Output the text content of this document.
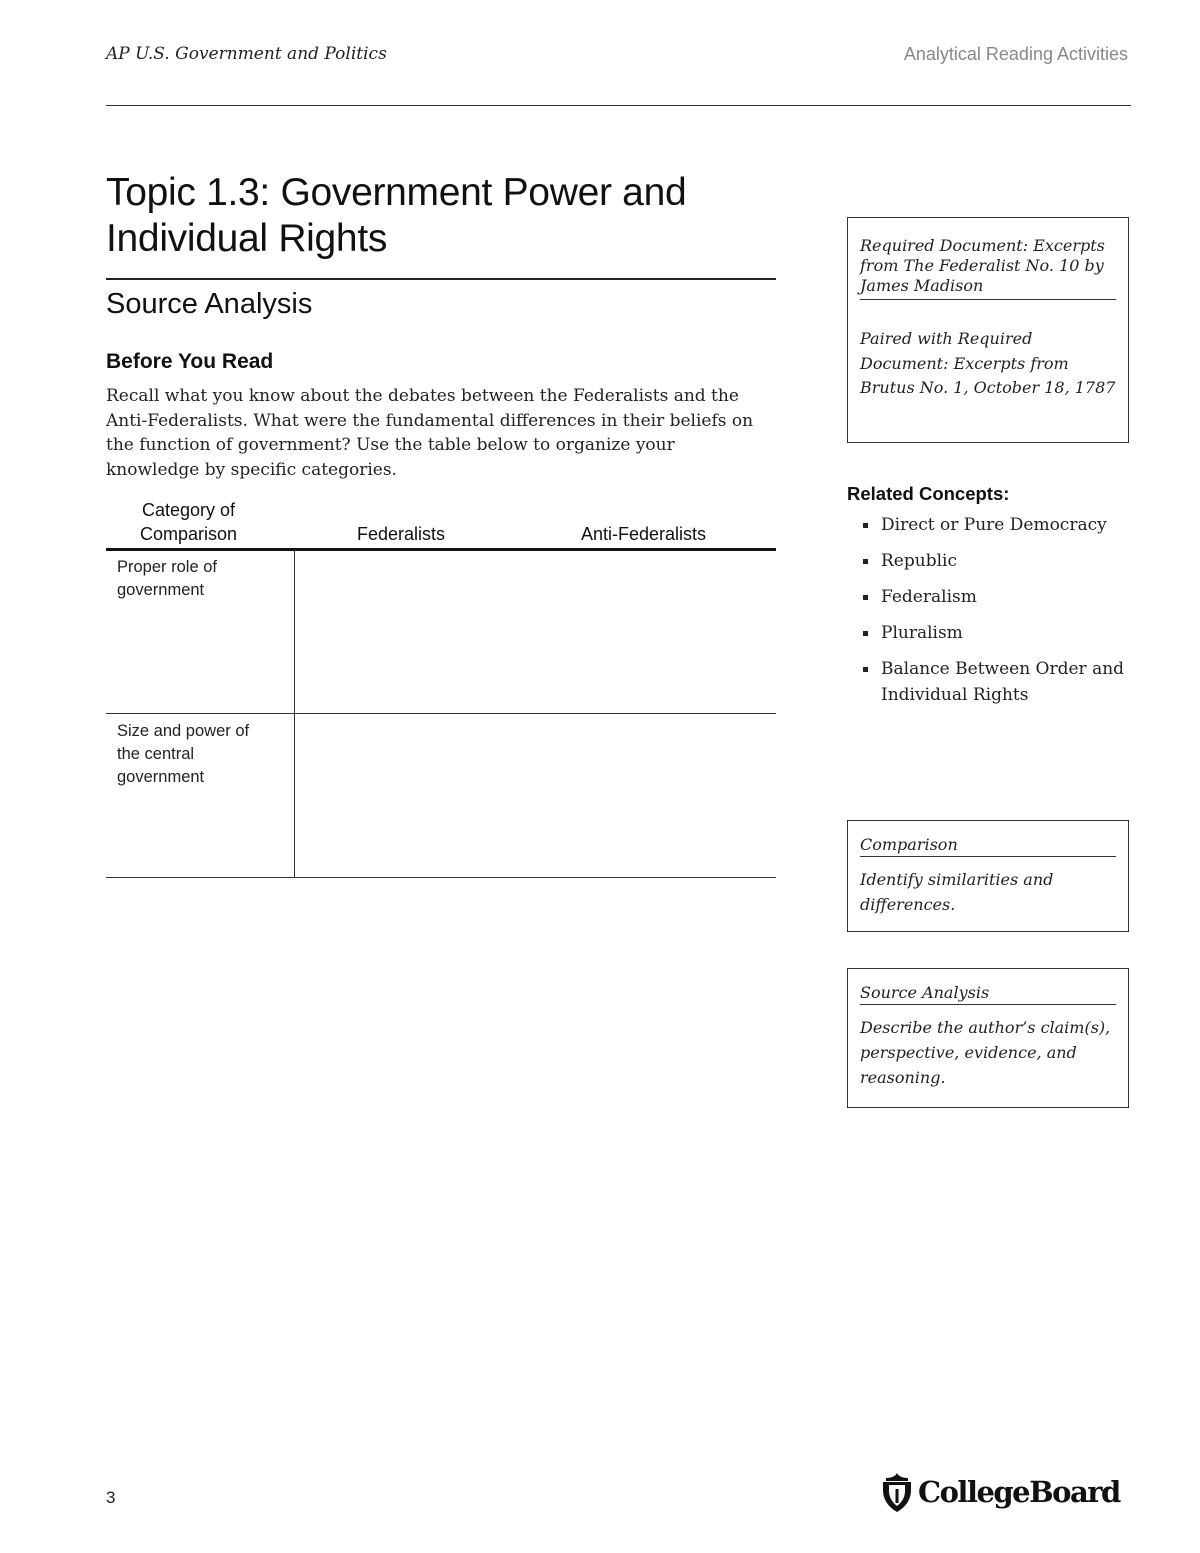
AP U.S. Government and Politics	Analytical Reading Activities
Topic 1.3: Government Power and Individual Rights
Source Analysis
Before You Read

Recall what you know about the debates between the Federalists and the Anti-Federalists. What were the fundamental differences in their beliefs on the function of government? Use the table below to organize your knowledge by specific categories.

Category of Comparison	Federalists	Anti-Federalists
Proper role of government
Size and power of the central government
Required Document: Excerpts from The Federalist No. 10 by James Madison
Paired with Required Document: Excerpts from Brutus No. 1, October 18, 1787
Related Concepts:
Direct or Pure Democracy
Republic
Federalism
Pluralism
Balance Between Order and Individual Rights
Comparison
Identify similarities and differences.
Source Analysis
Describe the author’s claim(s), perspective, evidence, and reasoning.
3	CollegeBoard
